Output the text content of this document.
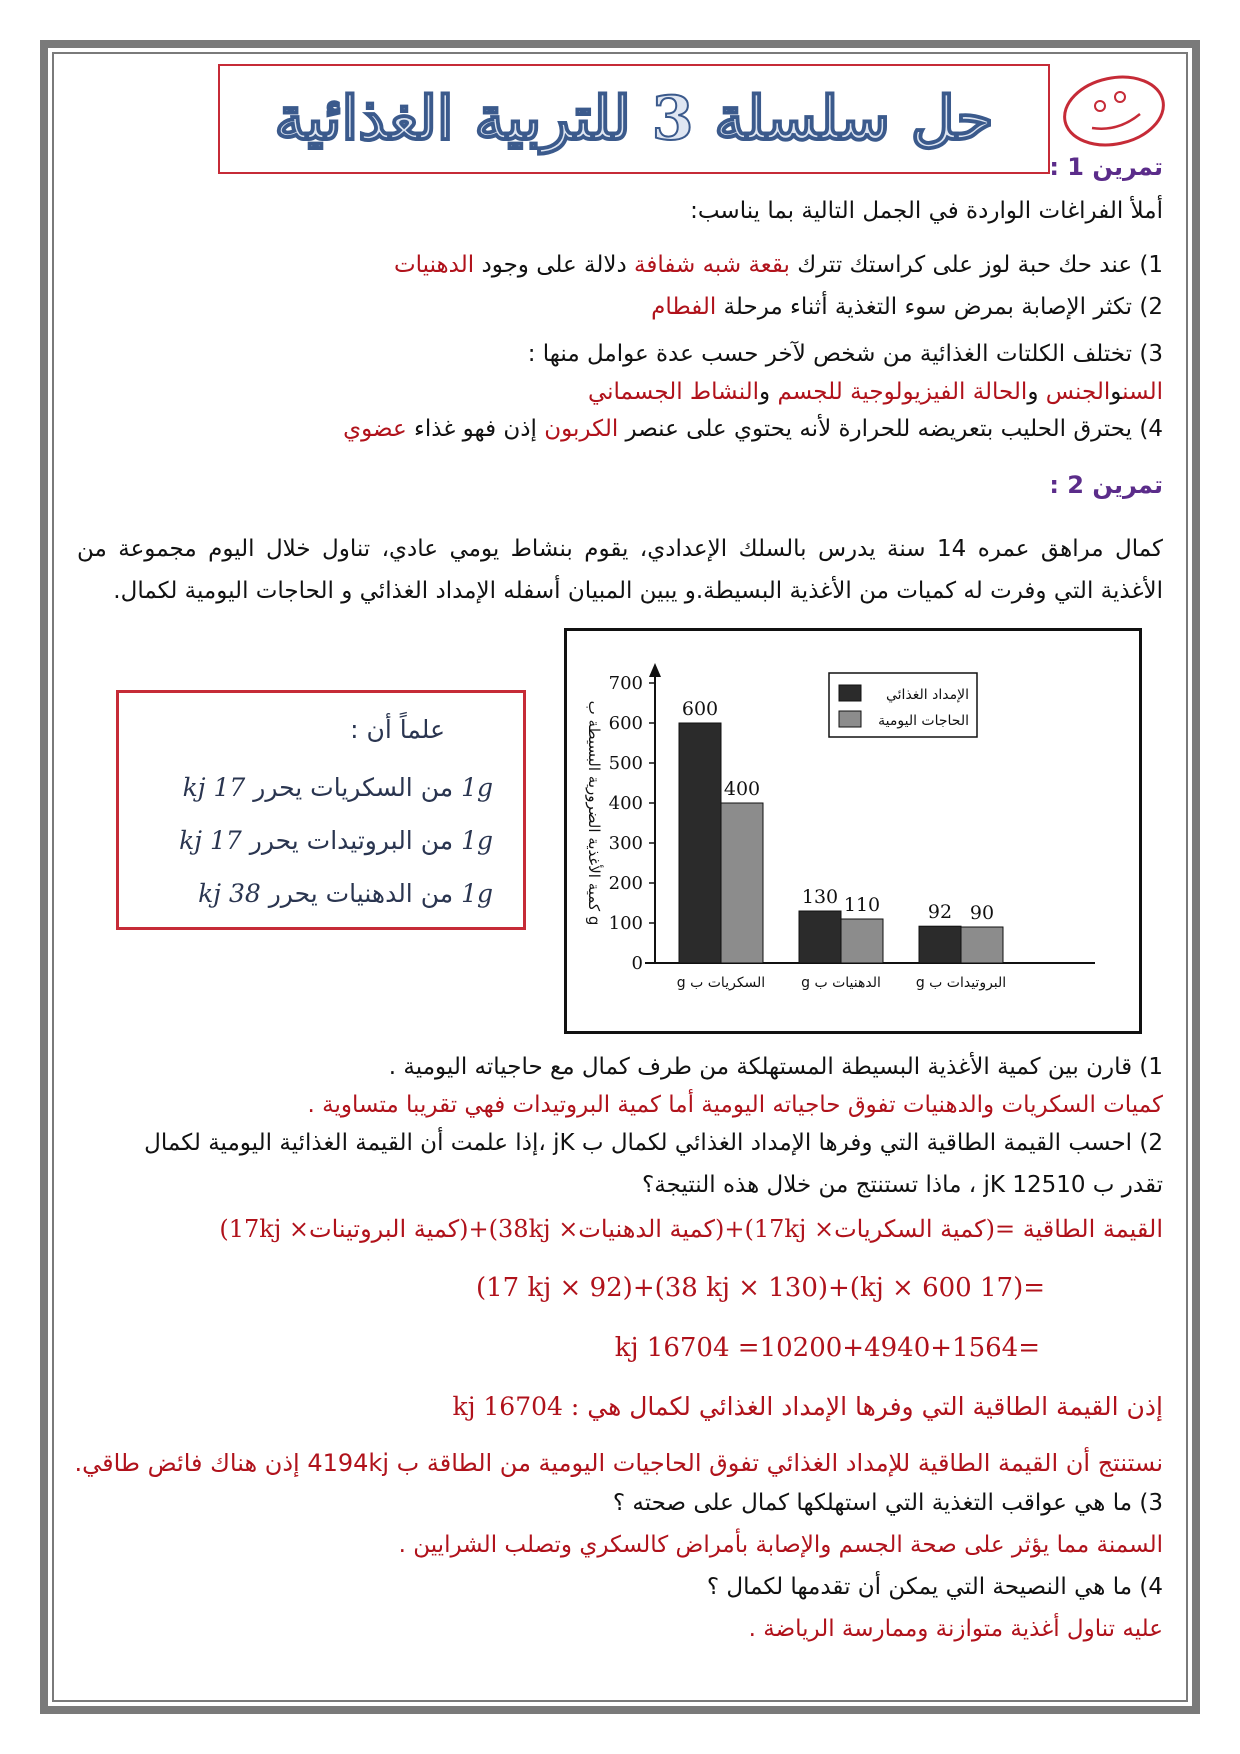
حل سلسلة 3 للتربية الغذائية
تمرين 1 :
أملأ الفراغات الواردة في الجمل التالية بما يناسب:
1) عند حك حبة لوز على كراستك تترك بقعة شبه شفافة دلالة على وجود الدهنيات
2) تكثر الإصابة بمرض سوء التغذية أثناء مرحلة الفطام
3) تختلف الكلتات الغذائية من شخص لآخر حسب عدة عوامل منها :
السنوالجنس والحالة الفيزيولوجية للجسم والنشاط الجسماني
4) يحترق الحليب بتعريضه للحرارة لأنه يحتوي على عنصر الكربون إذن فهو غذاء عضوي
تمرين 2 :
كمال مراهق عمره 14 سنة يدرس بالسلك الإعدادي، يقوم بنشاط يومي عادي، تناول خلال اليوم مجموعة من
الأغذية التي وفرت له كميات من الأغذية البسيطة.و يبين المبيان أسفله الإمداد الغذائي و الحاجات اليومية لكمال.
علماً أن :
1g من السكريات يحرر 17 kj
1g من البروتيدات يحرر 17 kj
1g من الدهنيات يحرر 38 kj
0
100
200
300
400
500
600
700
كمية الأغذية الضرورية البسيطة ب g
600
400
السكريات ب g
130 110
الدهنيات ب g
92 90
البروتيدات ب g
الإمداد الغذائي
الحاجات اليومية
1) قارن بين كمية الأغذية البسيطة المستهلكة من طرف كمال مع حاجياته اليومية .
كميات السكريات والدهنيات تفوق حاجياته اليومية أما كمية البروتيدات فهي تقريبا متساوية .
2) احسب القيمة الطاقية التي وفرها الإمداد الغذائي لكمال ب jK ،إذا علمت أن القيمة الغذائية اليومية لكمال
تقدر ب 12510 jK ، ماذا تستنتج من خلال هذه النتيجة؟
القيمة الطاقية =(كمية السكريات× 17kj)+(كمية الدهنيات× 38kj)+(كمية البروتينات× 17kj)
=(17 kj × 600)+(38 kj × 130)+(17 kj × 92)
=10200+4940+1564= 16704 kj
إذن القيمة الطاقية التي وفرها الإمداد الغذائي لكمال هي : 16704 kj
نستنتج أن القيمة الطاقية للإمداد الغذائي تفوق الحاجيات اليومية من الطاقة ب 4194kj إذن هناك فائض طاقي.
3) ما هي عواقب التغذية التي استهلكها كمال على صحته ؟
السمنة مما يؤثر على صحة الجسم والإصابة بأمراض كالسكري وتصلب الشرايين .
4) ما هي النصيحة التي يمكن أن تقدمها لكمال ؟
عليه تناول أغذية متوازنة وممارسة الرياضة .
